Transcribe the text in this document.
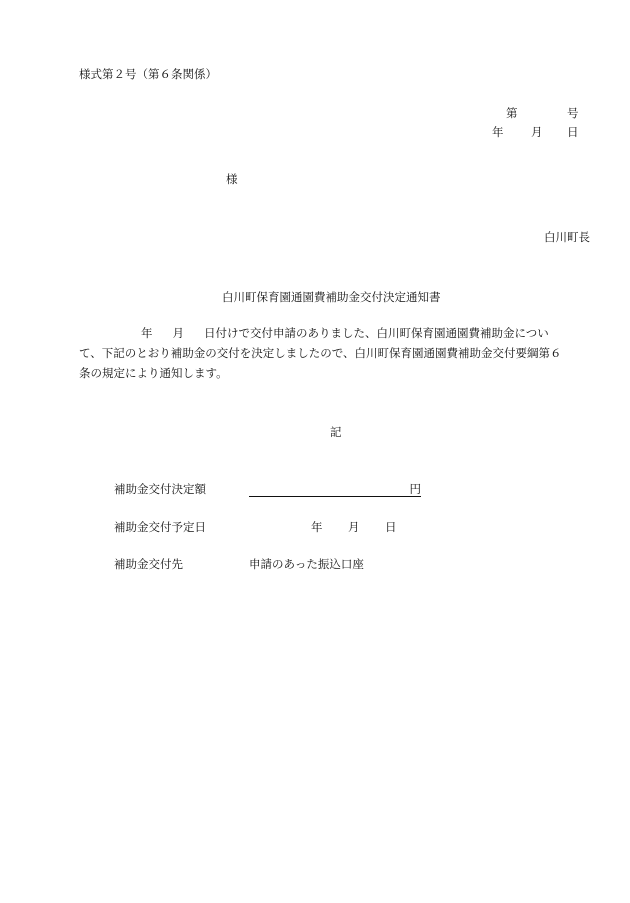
様式第２号（第６条関係）
第	号
年 月 日
様
白川町長
白川町保育園通園費補助金交付決定通知書
年 月 日付けで交付申請のありました、白川町保育園通園費補助金につい
て、下記のとおり補助金の交付を決定しましたので、白川町保育園通園費補助金交付要綱第６
条の規定により通知します。
記
補助金交付決定額	円
補助金交付予定日	年 月 日
補助金交付先	申請のあった振込口座
